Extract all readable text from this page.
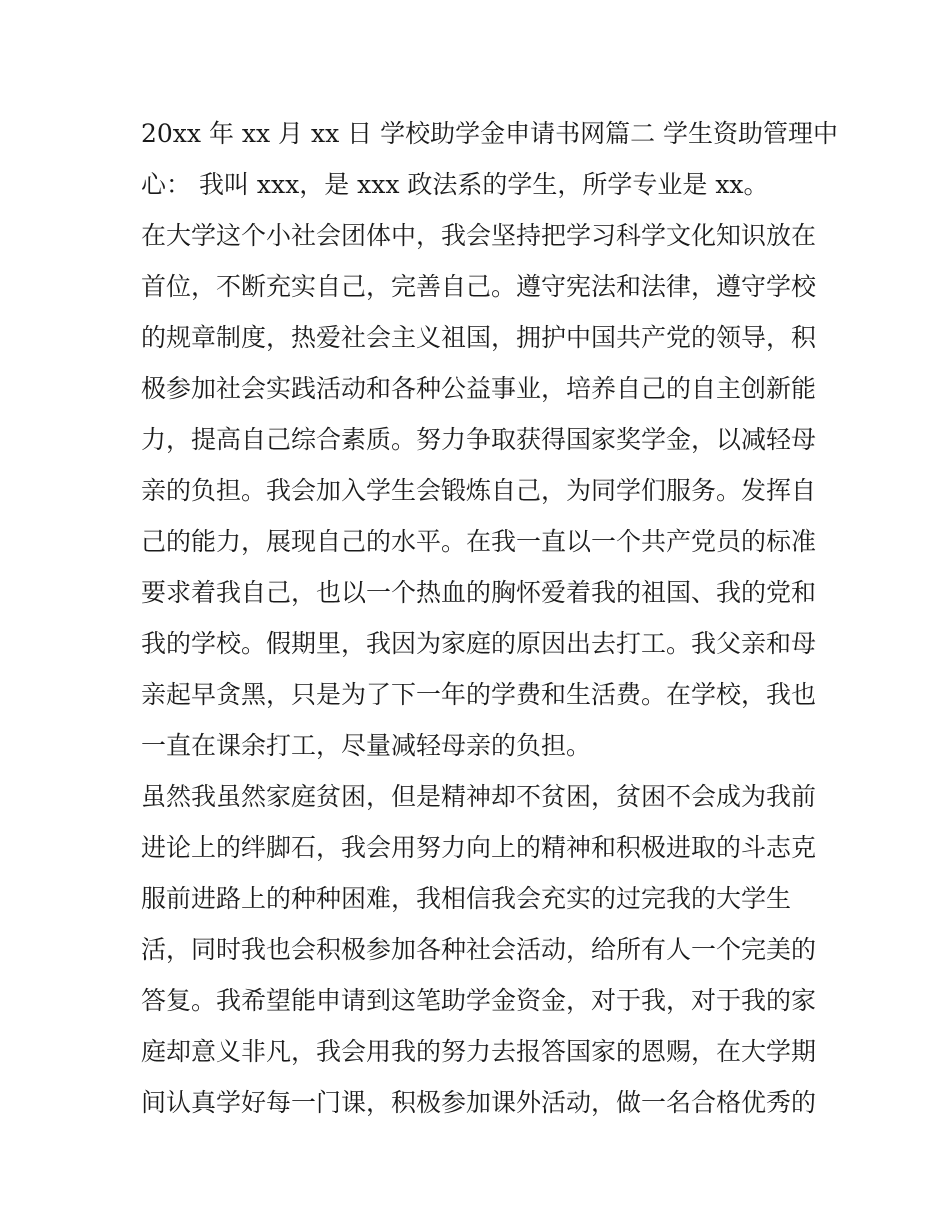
20xx 年 xx 月 xx 日 学校助学金申请书网篇二 学生资助管理中
心： 我叫 xxx，是 xxx 政法系的学生，所学专业是 xx。
在大学这个小社会团体中，我会坚持把学习科学文化知识放在
首位，不断充实自己，完善自己。遵守宪法和法律，遵守学校
的规章制度，热爱社会主义祖国，拥护中国共产党的领导，积
极参加社会实践活动和各种公益事业，培养自己的自主创新能
力，提高自己综合素质。努力争取获得国家奖学金，以减轻母
亲的负担。我会加入学生会锻炼自己，为同学们服务。发挥自
己的能力，展现自己的水平。在我一直以一个共产党员的标准
要求着我自己，也以一个热血的胸怀爱着我的祖国、我的党和
我的学校。假期里，我因为家庭的原因出去打工。我父亲和母
亲起早贪黑，只是为了下一年的学费和生活费。在学校，我也
一直在课余打工，尽量减轻母亲的负担。
虽然我虽然家庭贫困，但是精神却不贫困，贫困不会成为我前
进论上的绊脚石，我会用努力向上的精神和积极进取的斗志克
服前进路上的种种困难，我相信我会充实的过完我的大学生
活，同时我也会积极参加各种社会活动，给所有人一个完美的
答复。我希望能申请到这笔助学金资金，对于我，对于我的家
庭却意义非凡，我会用我的努力去报答国家的恩赐，在大学期
间认真学好每一门课，积极参加课外活动，做一名合格优秀的
